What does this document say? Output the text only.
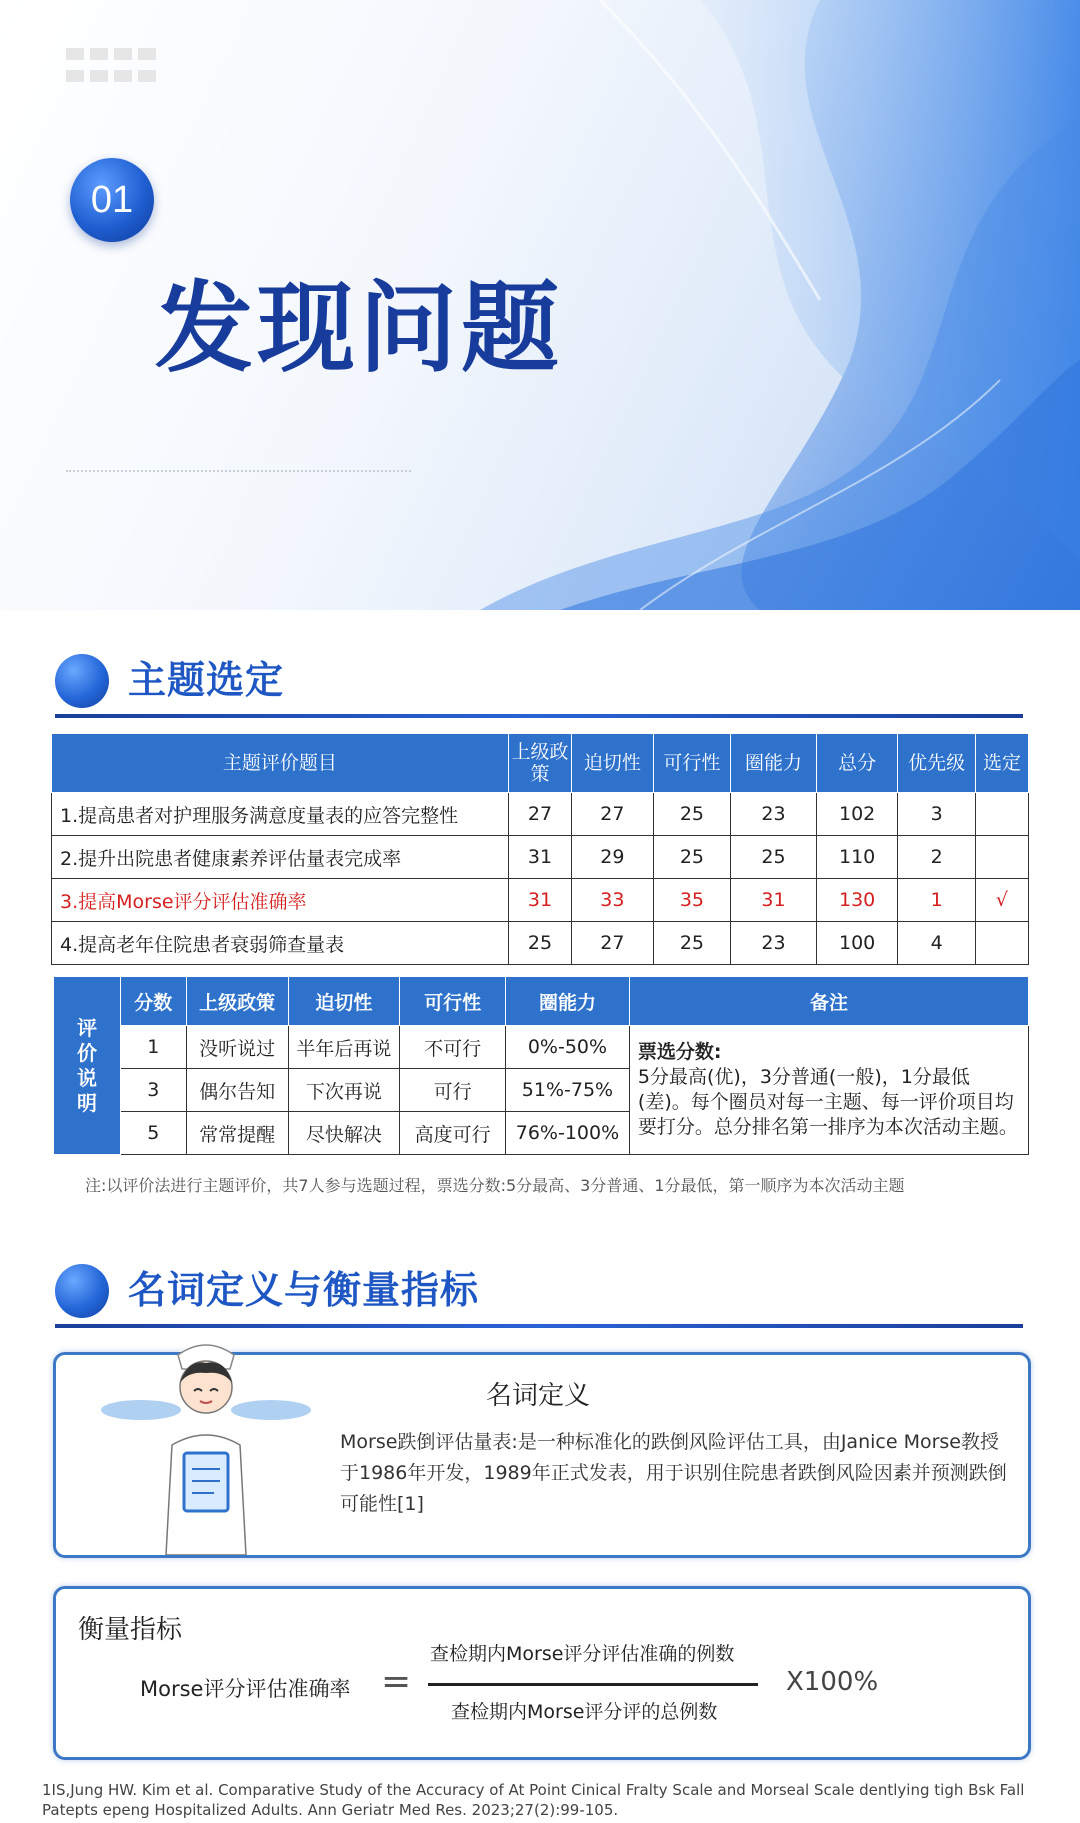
01
发现问题
主题选定
主题评价题目	上级政策	迫切性	可行性	圈能力	总分	优先级	选定
1.提高患者对护理服务满意度量表的应答完整性	27	27	25	23	102	3	
2.提升出院患者健康素养评估量表完成率	31	29	25	25	110	2	
3.提高Morse评分评估准确率	31	33	35	31	130	1	√
4.提高老年住院患者衰弱筛查量表	25	27	25	23	100	4	
评价说明	分数	上级政策	迫切性	可行性	圈能力	备注
	1	没听说过	半年后再说	不可行	0%-50%	票选分数:
5分最高(优)，3分普通(一般)，1分最低(差)。每个圈员对每一主题、每一评价项目均要打分。总分排名第一排序为本次活动主题。

	3	偶尔告知	下次再说	可行	51%-75%	
	5	常常提醒	尽快解决	高度可行	76%-100%	
注:以评价法进行主题评价，共7人参与选题过程，票选分数:5分最高、3分普通、1分最低，第一顺序为本次活动主题
名词定义与衡量指标
名词定义
Morse跌倒评估量表:是一种标准化的跌倒风险评估工具，由Janice Morse教授于1986年开发，1989年正式发表，用于识别住院患者跌倒风险因素并预测跌倒可能性[1]
衡量指标
Morse评分评估准确率 =
查检期内Morse评分评估准确的例数
查检期内Morse评分评的总例数
X100%
1IS,Jung HW. Kim et al. Comparative Study of the Accuracy of At Point Cinical Fralty Scale and Morseal Scale dentlying tigh Bsk Fall Patepts epeng Hospitalized Adults. Ann Geriatr Med Res. 2023;27(2):99-105.
